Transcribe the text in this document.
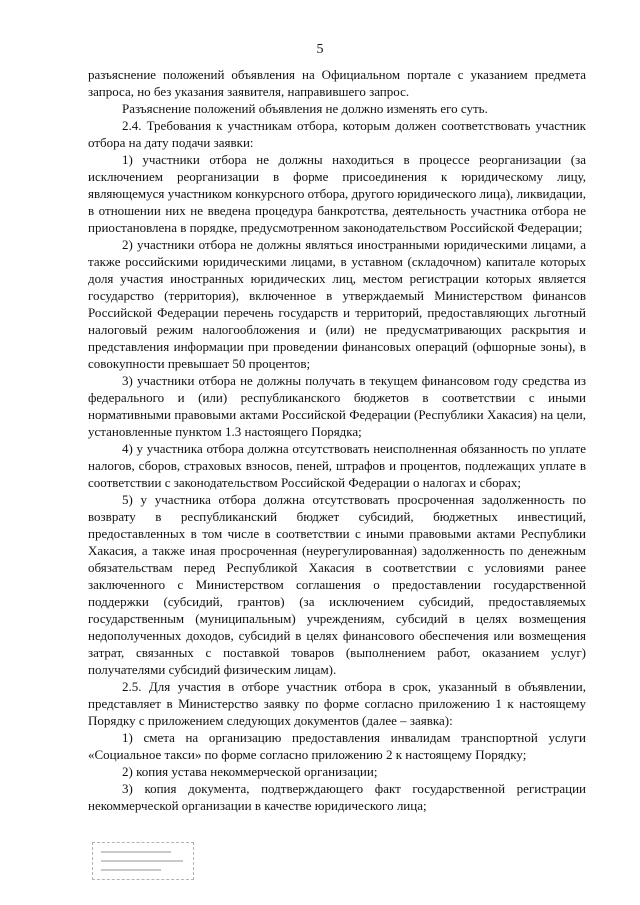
5

разъяснение положений объявления на Официальном портале с указанием предмета запроса, но без указания заявителя, направившего запрос.

Разъяснение положений объявления не должно изменять его суть.

2.4. Требования к участникам отбора, которым должен соответствовать участник отбора на дату подачи заявки:

1) участники отбора не должны находиться в процессе реорганизации (за исключением реорганизации в форме присоединения к юридическому лицу, являющемуся участником конкурсного отбора, другого юридического лица), ликвидации, в отношении них не введена процедура банкротства, деятельность участника отбора не приостановлена в порядке, предусмотренном законодательством Российской Федерации;

2) участники отбора не должны являться иностранными юридическими лицами, а также российскими юридическими лицами, в уставном (складочном) капитале которых доля участия иностранных юридических лиц, местом регистрации которых является государство (территория), включенное в утверждаемый Министерством финансов Российской Федерации перечень государств и территорий, предоставляющих льготный налоговый режим налогообложения и (или) не предусматривающих раскрытия и представления информации при проведении финансовых операций (офшорные зоны), в совокупности превышает 50 процентов;

3) участники отбора не должны получать в текущем финансовом году средства из федерального и (или) республиканского бюджетов в соответствии с иными нормативными правовыми актами Российской Федерации (Республики Хакасия) на цели, установленные пунктом 1.3 настоящего Порядка;

4) у участника отбора должна отсутствовать неисполненная обязанность по уплате налогов, сборов, страховых взносов, пеней, штрафов и процентов, подлежащих уплате в соответствии с законодательством Российской Федерации о налогах и сборах;

5) у участника отбора должна отсутствовать просроченная задолженность по возврату в республиканский бюджет субсидий, бюджетных инвестиций, предоставленных в том числе в соответствии с иными правовыми актами Республики Хакасия, а также иная просроченная (неурегулированная) задолженность по денежным обязательствам перед Республикой Хакасия в соответствии с условиями ранее заключенного с Министерством соглашения о предоставлении государственной поддержки (субсидий, грантов) (за исключением субсидий, предоставляемых государственным (муниципальным) учреждениям, субсидий в целях возмещения недополученных доходов, субсидий в целях финансового обеспечения или возмещения затрат, связанных с поставкой товаров (выполнением работ, оказанием услуг) получателями субсидий физическим лицам).

2.5. Для участия в отборе участник отбора в срок, указанный в объявлении, представляет в Министерство заявку по форме согласно приложению 1 к настоящему Порядку с приложением следующих документов (далее – заявка):

1) смета на организацию предоставления инвалидам транспортной услуги «Социальное такси» по форме согласно приложению 2 к настоящему Порядку;

2) копия устава некоммерческой организации;

3) копия документа, подтверждающего факт государственной регистрации некоммерческой организации в качестве юридического лица;
